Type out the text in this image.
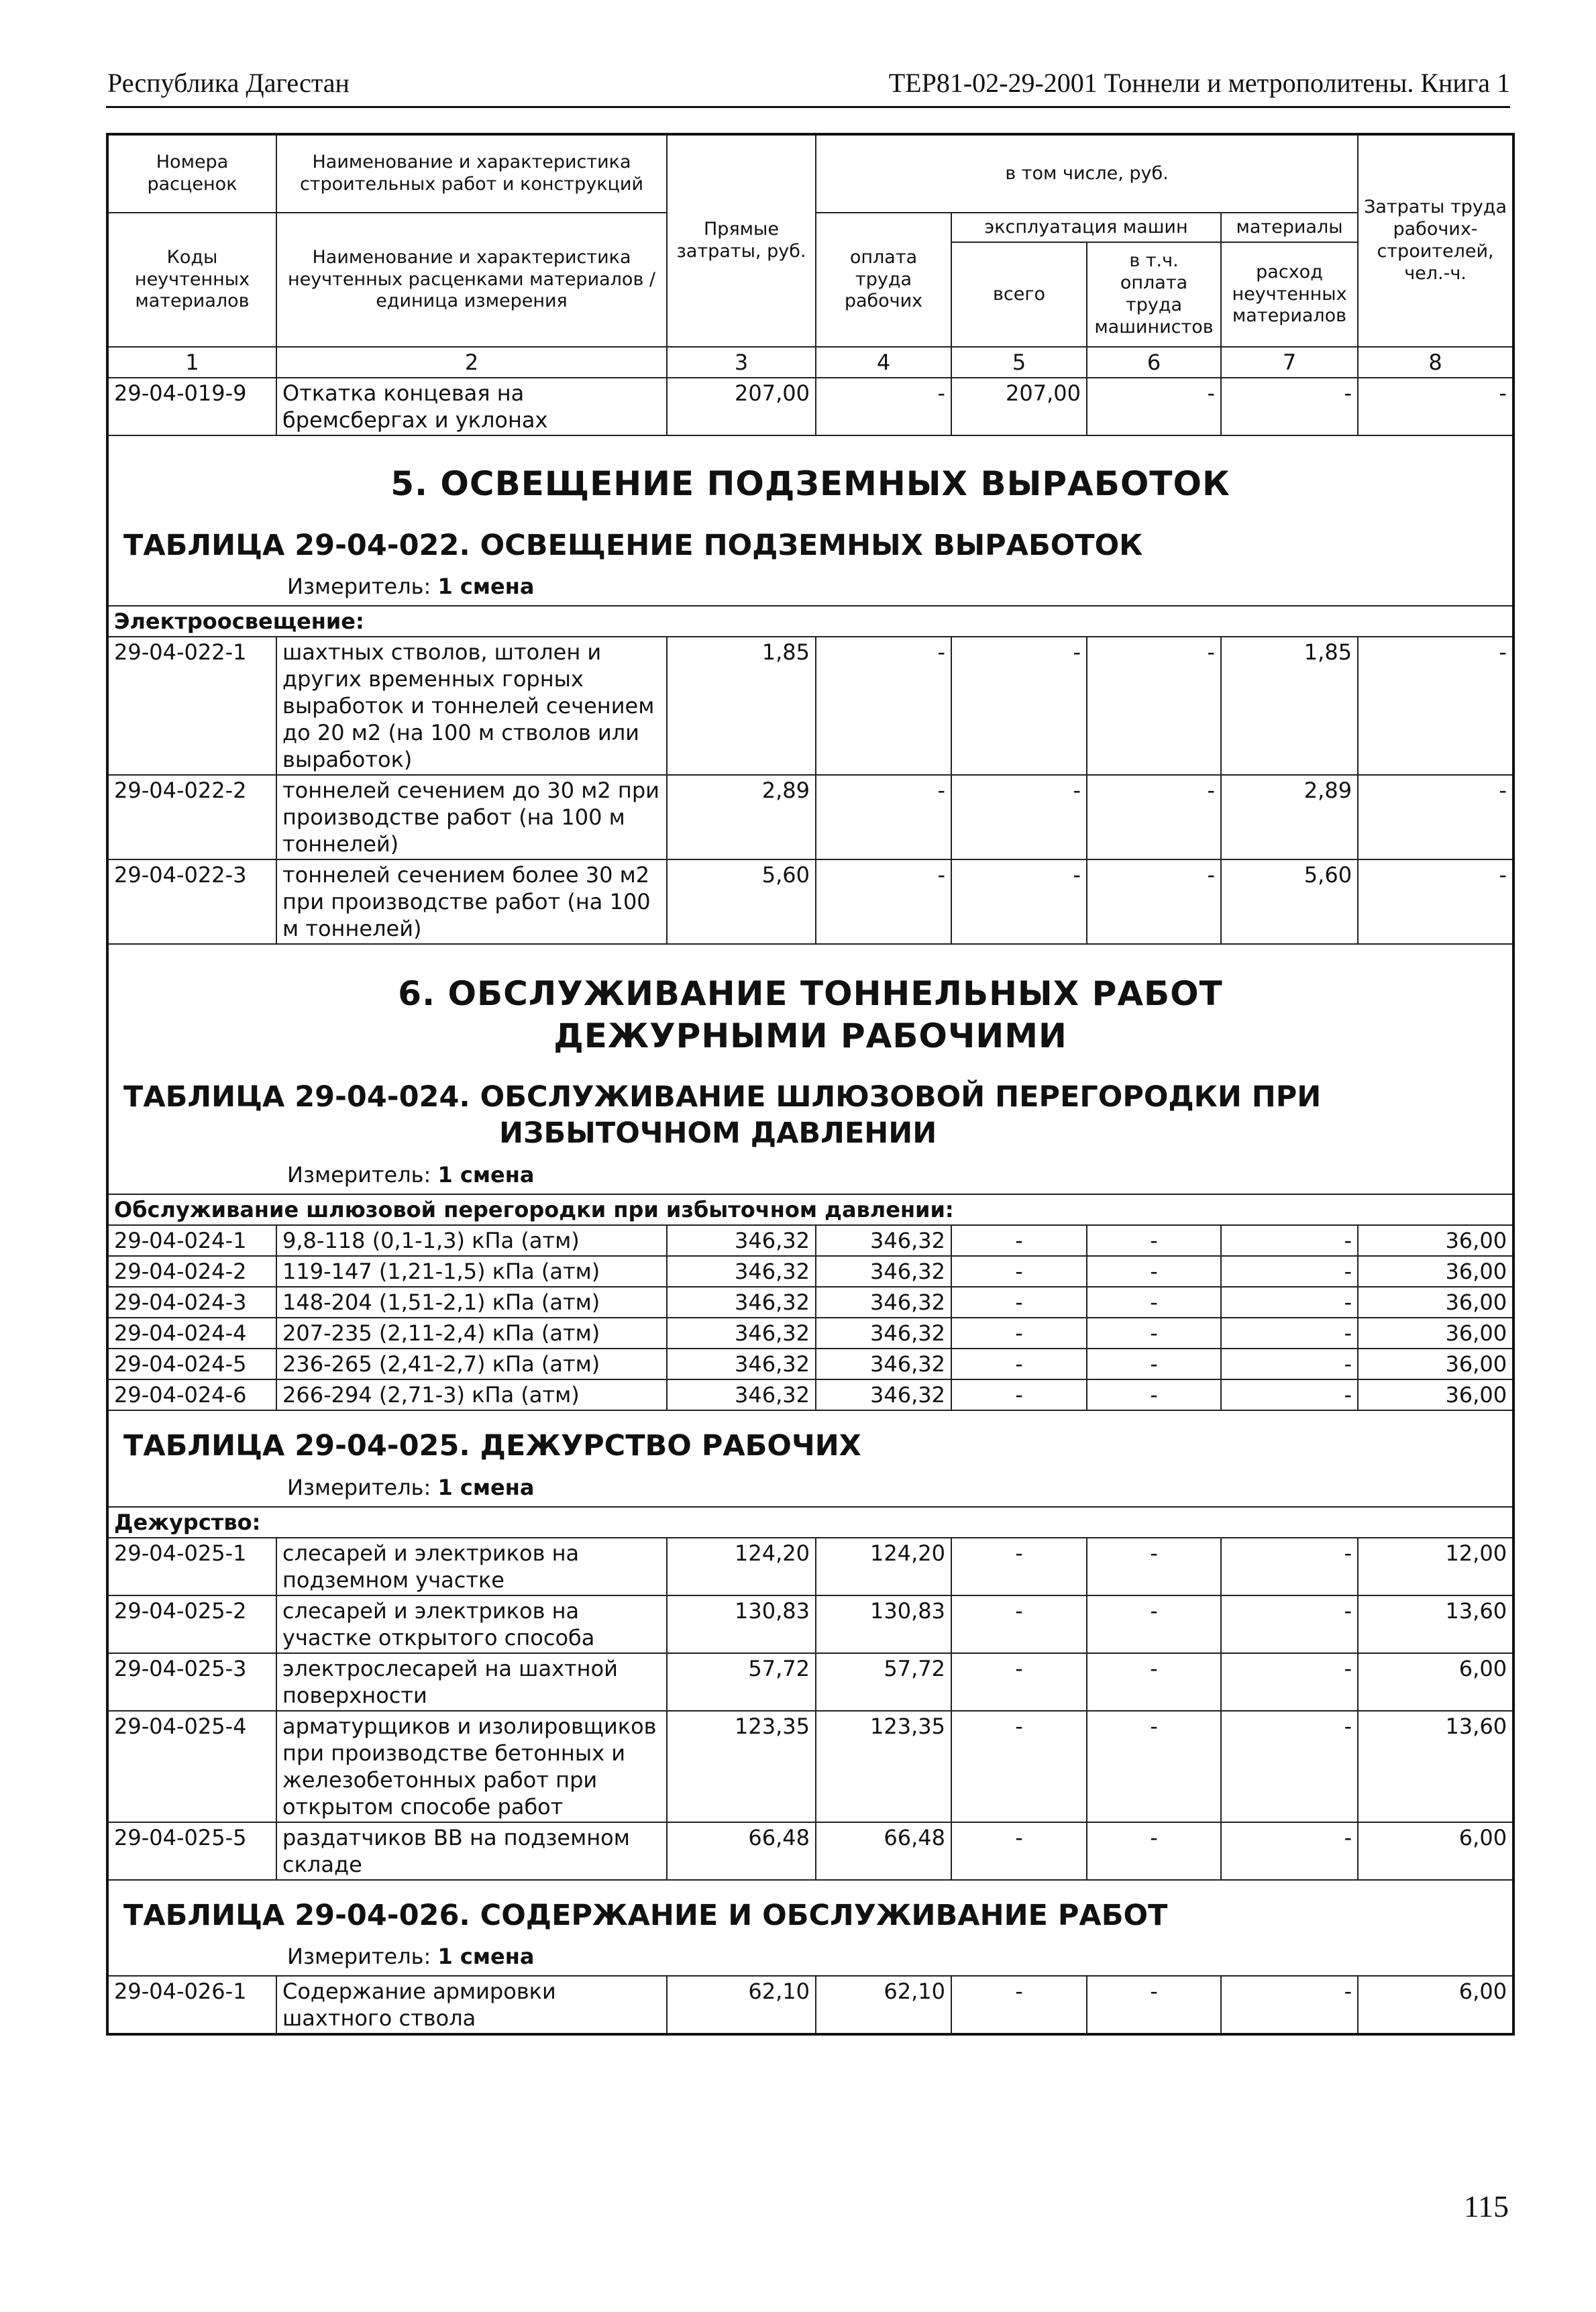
Республика Дагестан	ТЕР81-02-29-2001 Тоннели и метрополитены. Книга 1
Номера расценок	Наименование и характеристика строительных работ и конструкций	Прямые затраты, руб.	в том числе, руб.				Затраты труда рабочих-строителей, чел.-ч.
Коды неучтенных материалов	Наименование и характеристика неучтенных расценками материалов / единица измерения						
			оплата труда рабочих	эксплуатация машин		материалы	
				всего	в т.ч. оплата труда машинистов	расход неучтенных материалов	
1	2	3	4	5	6	7	8
29-04-019-9	Откатка концевая на бремсбергах и уклонах	207,00	-	207,00	-	-	-

5. ОСВЕЩЕНИЕ ПОДЗЕМНЫХ ВЫРАБОТОК
ТАБЛИЦА 29-04-022. ОСВЕЩЕНИЕ ПОДЗЕМНЫХ ВЫРАБОТОК
Измеритель: 1 смена							

Электроосвещение:							
29-04-022-1	шахтных стволов, штолен и других временных горных выработок и тоннелей сечением до 20 м2 (на 100 м стволов или выработок)	1,85	-	-	-	1,85	-
29-04-022-2	тоннелей сечением до 30 м2 при производстве работ (на 100 м тоннелей)	2,89	-	-	-	2,89	-
29-04-022-3	тоннелей сечением более 30 м2 при производстве работ (на 100 м тоннелей)	5,60	-	-	-	5,60	-

6. ОБСЛУЖИВАНИЕ ТОННЕЛЬНЫХ РАБОТ
ДЕЖУРНЫМИ РАБОЧИМИ
ТАБЛИЦА 29-04-024. ОБСЛУЖИВАНИЕ ШЛЮЗОВОЙ ПЕРЕГОРОДКИ ПРИ
ИЗБЫТОЧНОМ ДАВЛЕНИИ
Измеритель: 1 смена							

Обслуживание шлюзовой перегородки при избыточном давлении:							
29-04-024-1	9,8-118 (0,1-1,3) кПа (атм)	346,32	346,32	-	-	-	36,00
29-04-024-2	119-147 (1,21-1,5) кПа (атм)	346,32	346,32	-	-	-	36,00
29-04-024-3	148-204 (1,51-2,1) кПа (атм)	346,32	346,32	-	-	-	36,00
29-04-024-4	207-235 (2,11-2,4) кПа (атм)	346,32	346,32	-	-	-	36,00
29-04-024-5	236-265 (2,41-2,7) кПа (атм)	346,32	346,32	-	-	-	36,00
29-04-024-6	266-294 (2,71-3) кПа (атм)	346,32	346,32	-	-	-	36,00

ТАБЛИЦА 29-04-025. ДЕЖУРСТВО РАБОЧИХ
Измеритель: 1 смена							

Дежурство:							
29-04-025-1	слесарей и электриков на подземном участке	124,20	124,20	-	-	-	12,00
29-04-025-2	слесарей и электриков на участке открытого способа	130,83	130,83	-	-	-	13,60
29-04-025-3	электрослесарей на шахтной поверхности	57,72	57,72	-	-	-	6,00
29-04-025-4	арматурщиков и изолировщиков при производстве бетонных и железобетонных работ при открытом способе работ	123,35	123,35	-	-	-	13,60
29-04-025-5	раздатчиков ВВ на подземном складе	66,48	66,48	-	-	-	6,00

ТАБЛИЦА 29-04-026. СОДЕРЖАНИЕ И ОБСЛУЖИВАНИЕ РАБОТ
Измеритель: 1 смена							

29-04-026-1	Содержание армировки шахтного ствола	62,10	62,10	-	-	-	6,00
115
